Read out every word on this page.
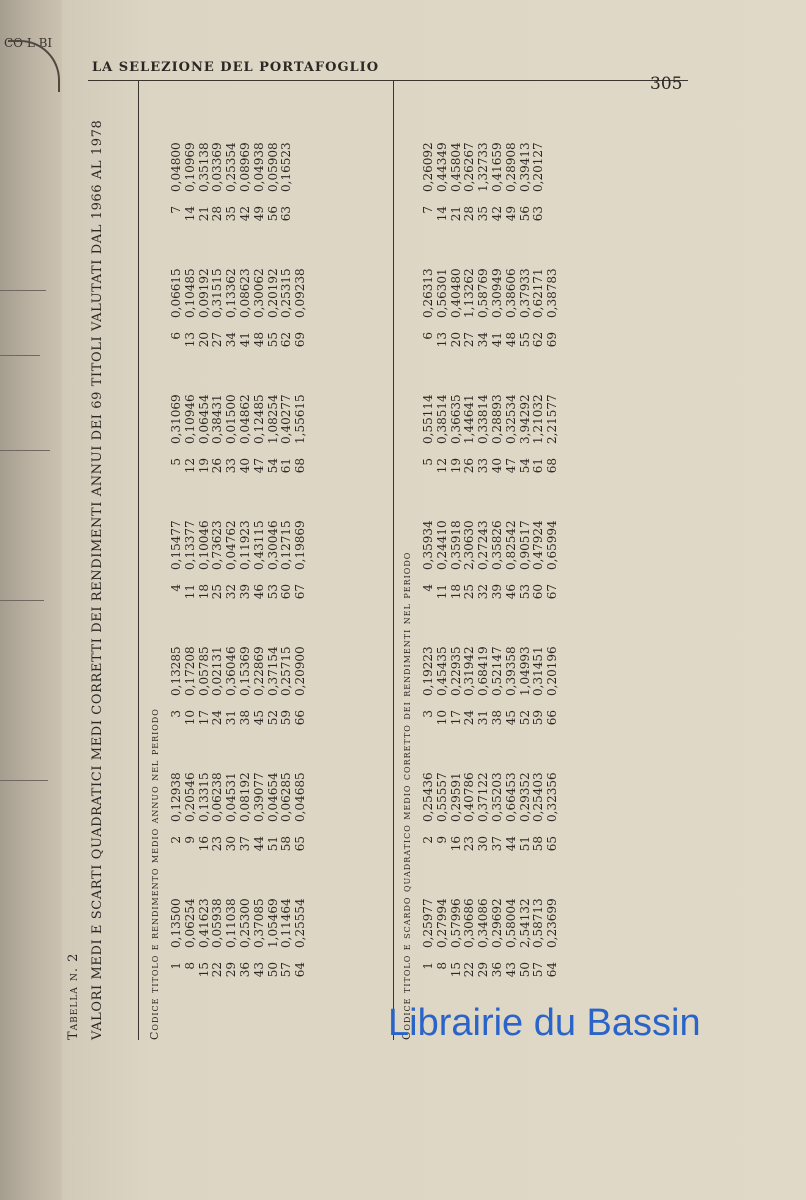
CO L BI
LA SELEZIONE DEL PORTAFOGLIO
305
Tabella n. 2 VALORI MEDI E SCARTI QUADRATICI MEDI CORRETTI DEI RENDIMENTI ANNUI DEI 69 TITOLI VALUTATI DAL 1966 AL 1978	Codice titolo e rendimento medio annuo nel periodo 10,13500
20,12938
30,13285
40,15477
50,31069
60,06615
70,04800
80,06254
90,20546
100,17208
110,13377
120,10946
130,10485
140,10969
150,41623
160,13315
170,05785
180,10046
190,06454
200,09192
210,35138
220,05938
230,06238
240,02131
250,73623
260,38431
270,31515
280,03369
290,11038
300,04531
310,36046
320,04762
330,01500
340,13362
350,25354
360,25300
370,08192
380,15369
390,11923
400,04862
410,08623
420,08969
430,37085
440,39077
450,22869
460,43115
470,12485
480,30062
490,04938
501,05469
510,04654
520,37154
530,30046
541,08254
550,20192
560,05908
570,11464
580,06285
590,25715
600,12715
610,40277
620,25315
630,16523
640,25554
650,04685
660,20900
670,19869
681,55615
690,09238
Codice titolo e scardo quadratico medio corretto dei rendimenti nel periodo 10,25977
20,25436
30,19223
40,35934
50,55114
60,26313
70,26092
80,27994
90,55557
100,45435
110,24410
120,38514
130,56301
140,44349
150,57996
160,29591
170,22935
180,35918
190,36635
200,40480
210,45804
220,30686
230,40786
240,31942
252,30630
261,44641
271,13262
280,26267
290,34086
300,37122
310,68419
320,27243
330,33814
340,58769
351,32733
360,29692
370,35203
380,52147
390,35826
400,28893
410,30949
420,41659
430,58004
440,66453
450,39358
460,82542
470,32534
480,38606
490,28908
502,54132
510,29352
521,04993
530,90517
543,94292
550,37933
560,39413
570,58713
580,25403
590,31451
600,47924
611,21032
620,62171
630,20127
640,23699
650,32356
660,20196
670,65994
682,21577
690,38783
Librairie du Bassin
